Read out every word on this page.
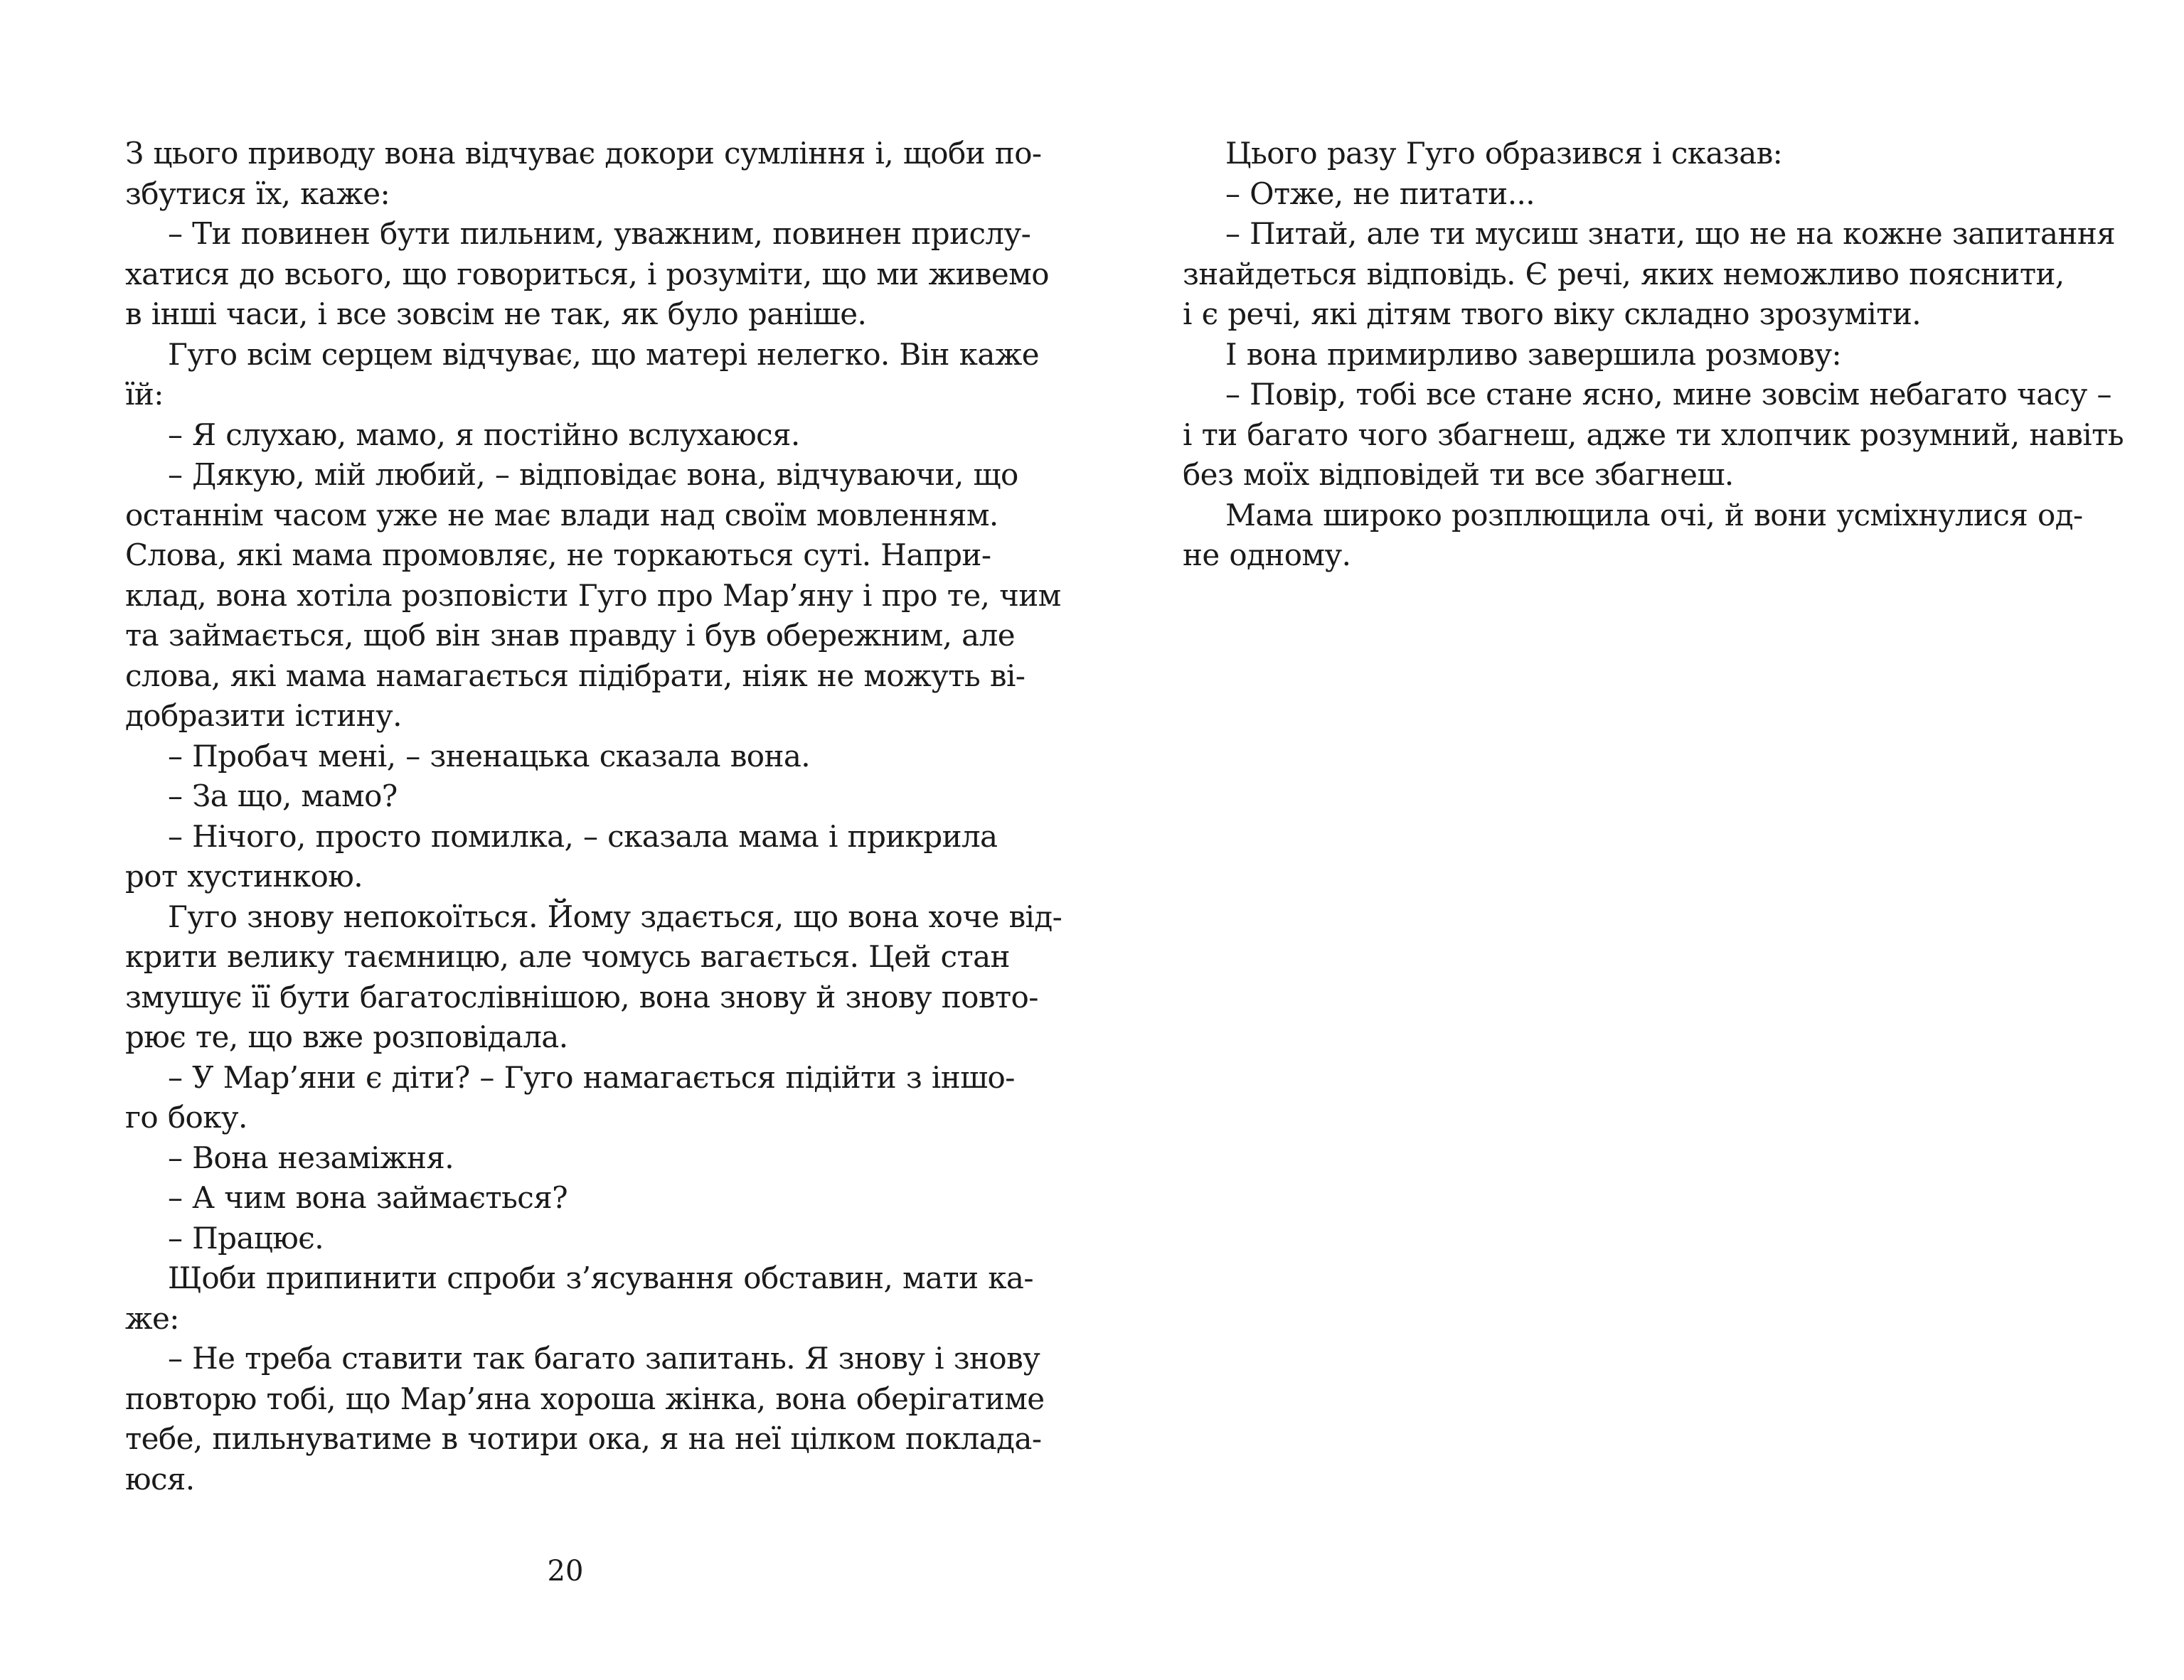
З цього приводу вона відчуває докори сумління і, щоби по-
збутися їх, каже:
– Ти повинен бути пильним, уважним, повинен прислу-
хатися до всього, що говориться, і розуміти, що ми живемо
в інші часи, і все зовсім не так, як було раніше.
Гуго всім серцем відчуває, що матері нелегко. Він каже
їй:
– Я слухаю, мамо, я постійно вслухаюся.
– Дякую, мій любий, – відповідає вона, відчуваючи, що
останнім часом уже не має влади над своїм мовленням.
Слова, які мама промовляє, не торкаються суті. Напри-
клад, вона хотіла розповісти Гуго про Мар’яну і про те, чим
та займається, щоб він знав правду і був обережним, але
слова, які мама намагається підібрати, ніяк не можуть ві-
добразити істину.
– Пробач мені, – зненацька сказала вона.
– За що, мамо?
– Нічого, просто помилка, – сказала мама і прикрила
рот хустинкою.
Гуго знову непокоїться. Йому здається, що вона хоче від-
крити велику таємницю, але чомусь вагається. Цей стан
змушує її бути багатослівнішою, вона знову й знову повто-
рює те, що вже розповідала.
– У Мар’яни є діти? – Гуго намагається підійти з іншо-
го боку.
– Вона незаміжня.
– А чим вона займається?
– Працює.
Щоби припинити спроби з’ясування обставин, мати ка-
же:
– Не треба ставити так багато запитань. Я знову і знову
повторю тобі, що Мар’яна хороша жінка, вона оберігатиме
тебе, пильнуватиме в чотири ока, я на неї цілком поклада-
юся.
20
Цього разу Гуго образився і сказав:
– Отже, не питати...
– Питай, але ти мусиш знати, що не на кожне запитання
знайдеться відповідь. Є речі, яких неможливо пояснити,
і є речі, які дітям твого віку складно зрозуміти.
І вона примирливо завершила розмову:
– Повір, тобі все стане ясно, мине зовсім небагато часу –
і ти багато чого збагнеш, адже ти хлопчик розумний, навіть
без моїх відповідей ти все збагнеш.
Мама широко розплющила очі, й вони усміхнулися од-
не одному.
